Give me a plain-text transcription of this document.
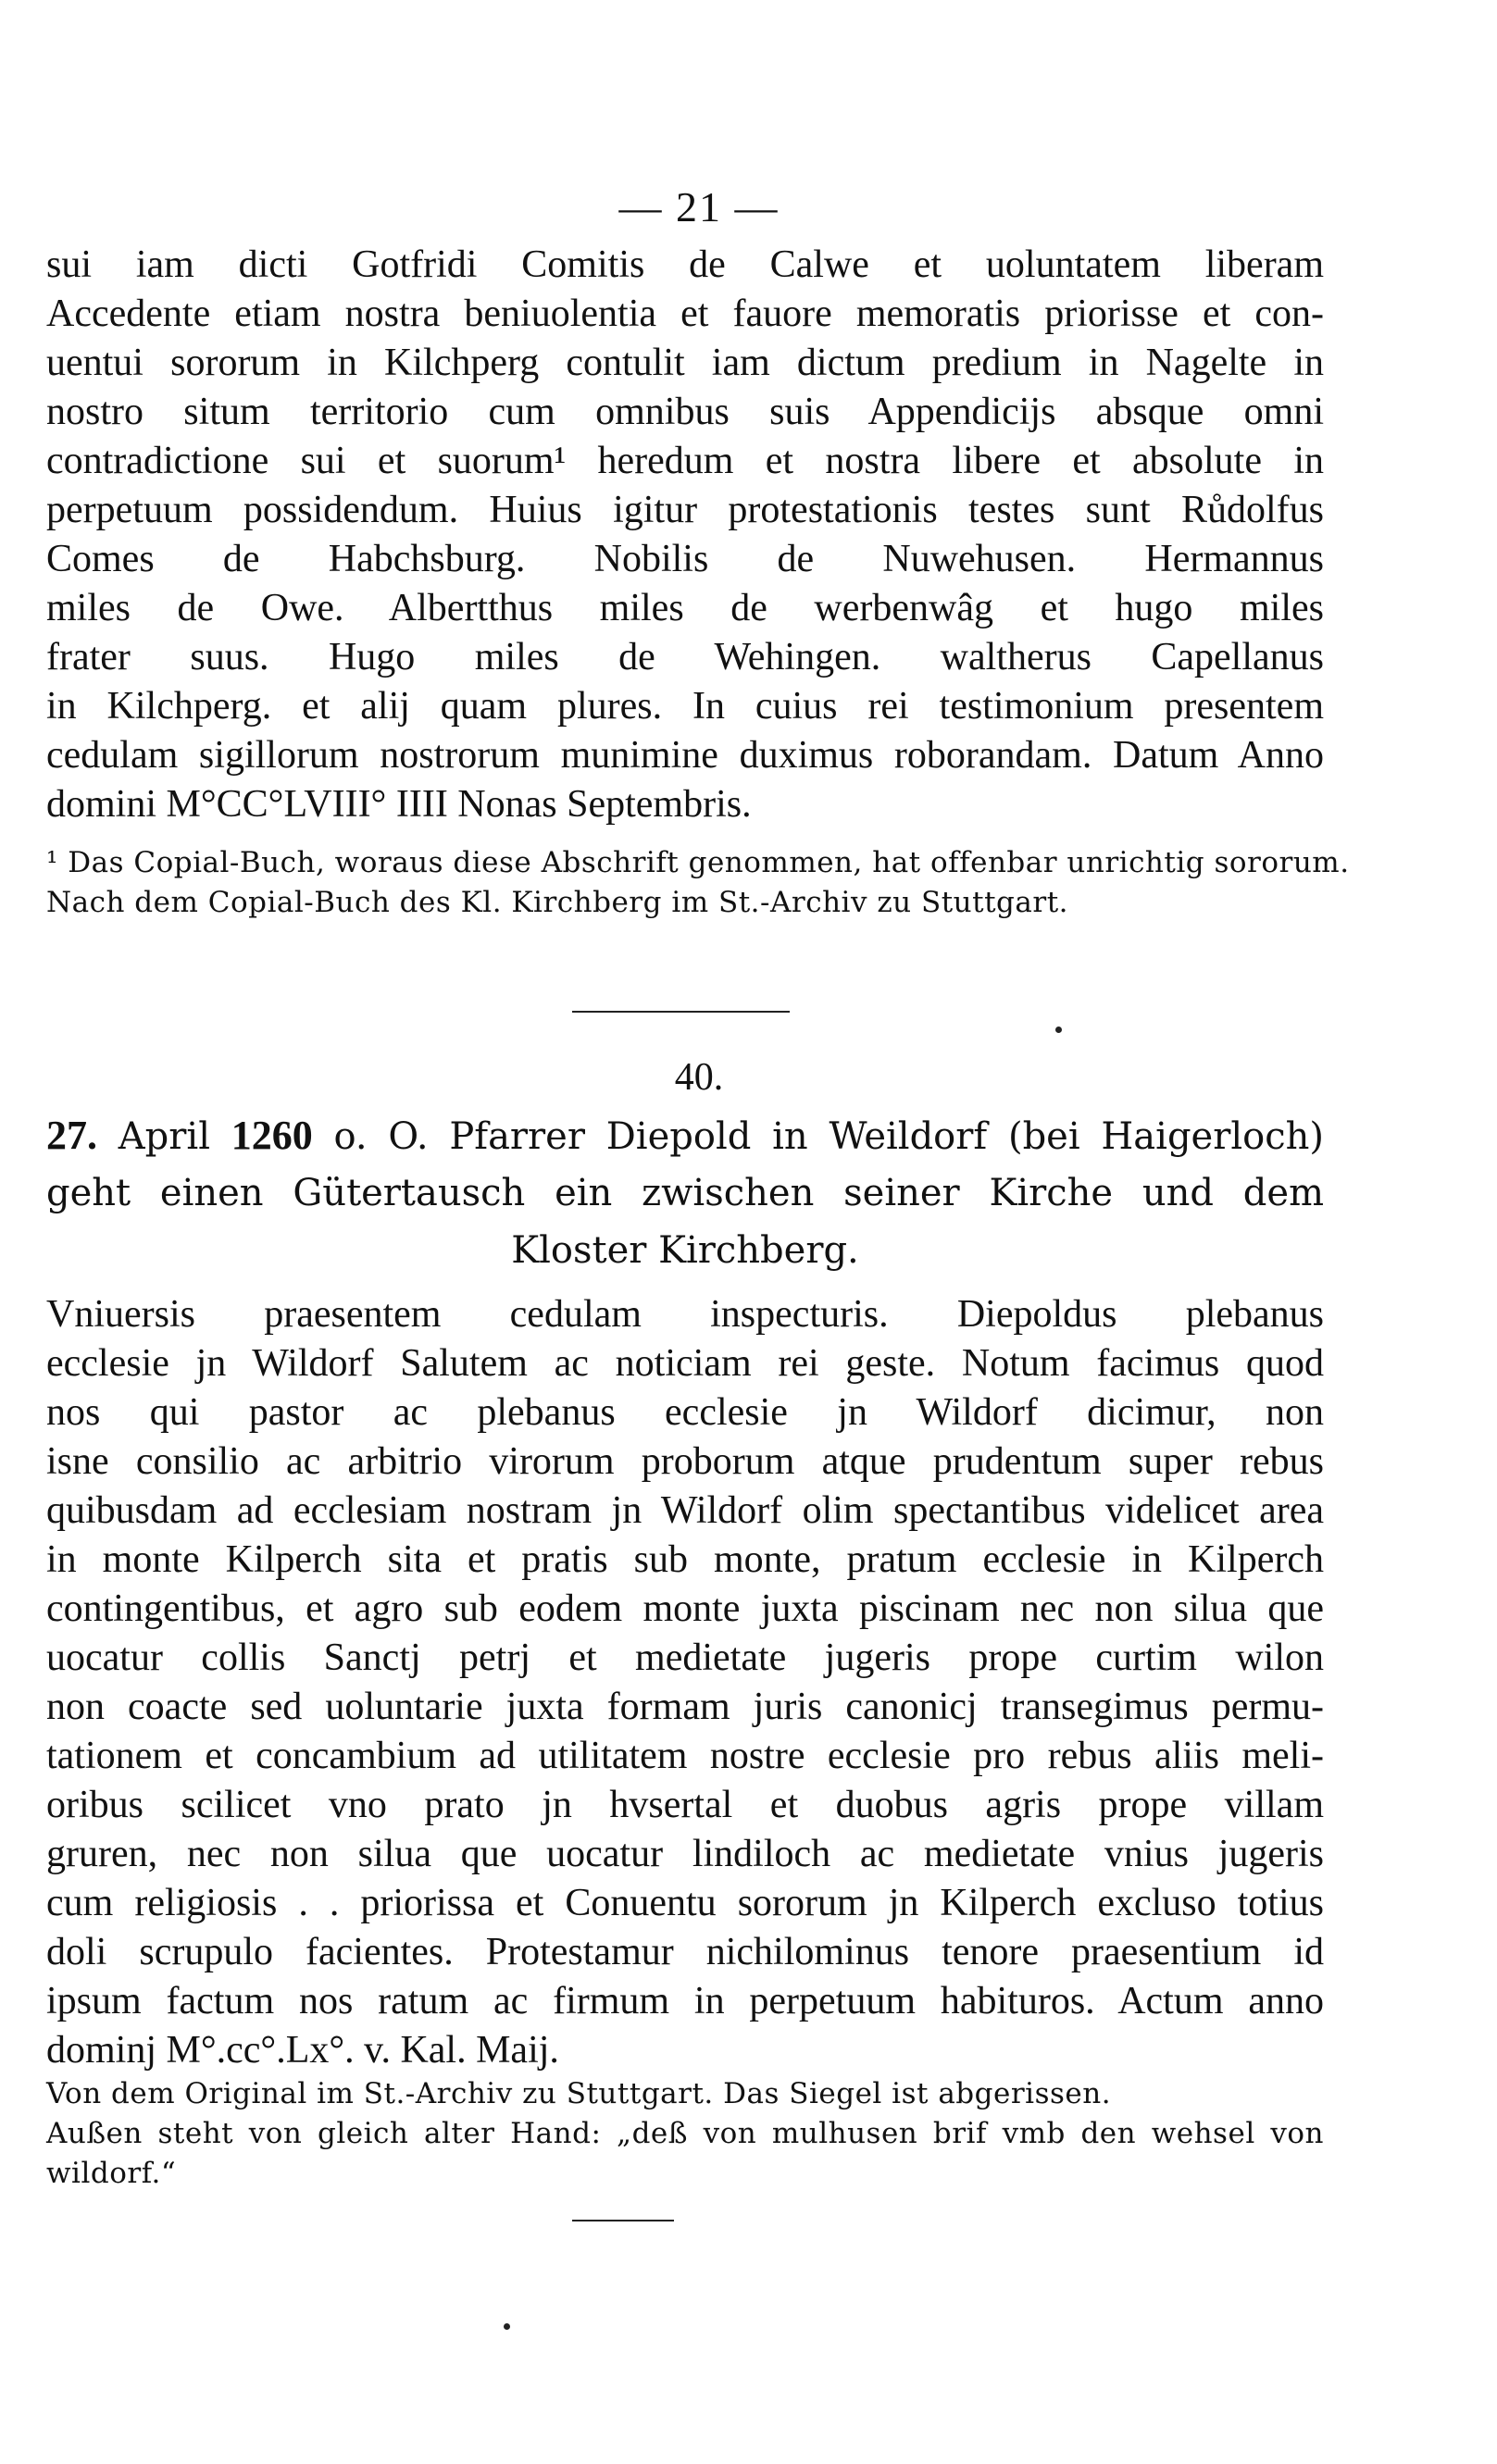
— 21 —
sui iam dicti Gotfridi Comitis de Calwe et uoluntatem liberam
Accedente etiam nostra beniuolentia et fauore memoratis priorisse et con-
uentui sororum in Kilchperg contulit iam dictum predium in Nagelte in
nostro situm territorio cum omnibus suis Appendicijs absque omni
contradictione sui et suorum¹ heredum et nostra libere et absolute in
perpetuum possidendum. Huius igitur protestationis testes sunt Růdolfus
Comes de Habchsburg. Nobilis de Nuwehusen. Hermannus
miles de Owe. Albertthus miles de werbenwâg et hugo miles
frater suus. Hugo miles de Wehingen. waltherus Capellanus
in Kilchperg. et alij quam plures. In cuius rei testimonium presentem
cedulam sigillorum nostrorum munimine duximus roborandam. Datum Anno
domini M°CC°LVIII° IIII Nonas Septembris.
¹ Das Copial-Buch, woraus diese Abschrift genommen, hat offenbar unrichtig sororum.
Nach dem Copial-Buch des Kl. Kirchberg im St.-Archiv zu Stuttgart.
40.
27. April 1260 o. O. Pfarrer Diepold in Weildorf (bei Haigerloch)
geht einen Gütertausch ein zwischen seiner Kirche und dem
Kloster Kirchberg.
Vniuersis praesentem cedulam inspecturis. Diepoldus plebanus
ecclesie jn Wildorf Salutem ac noticiam rei geste. Notum facimus quod
nos qui pastor ac plebanus ecclesie jn Wildorf dicimur, non
isne consilio ac arbitrio virorum proborum atque prudentum super rebus
quibusdam ad ecclesiam nostram jn Wildorf olim spectantibus videlicet area
in monte Kilperch sita et pratis sub monte, pratum ecclesie in Kilperch
contingentibus, et agro sub eodem monte juxta piscinam nec non silua que
uocatur collis Sanctj petrj et medietate jugeris prope curtim wilon
non coacte sed uoluntarie juxta formam juris canonicj transegimus permu-
tationem et concambium ad utilitatem nostre ecclesie pro rebus aliis meli-
oribus scilicet vno prato jn hvsertal et duobus agris prope villam
gruren, nec non silua que uocatur lindiloch ac medietate vnius jugeris
cum religiosis . . priorissa et Conuentu sororum jn Kilperch excluso totius
doli scrupulo facientes. Protestamur nichilominus tenore praesentium id
ipsum factum nos ratum ac firmum in perpetuum habituros. Actum anno
dominj M°.cc°.Lx°. v. Kal. Maij.
Von dem Original im St.-Archiv zu Stuttgart. Das Siegel ist abgerissen.
Außen steht von gleich alter Hand: „deß von mulhusen brif vmb den wehsel von
wildorf.“
